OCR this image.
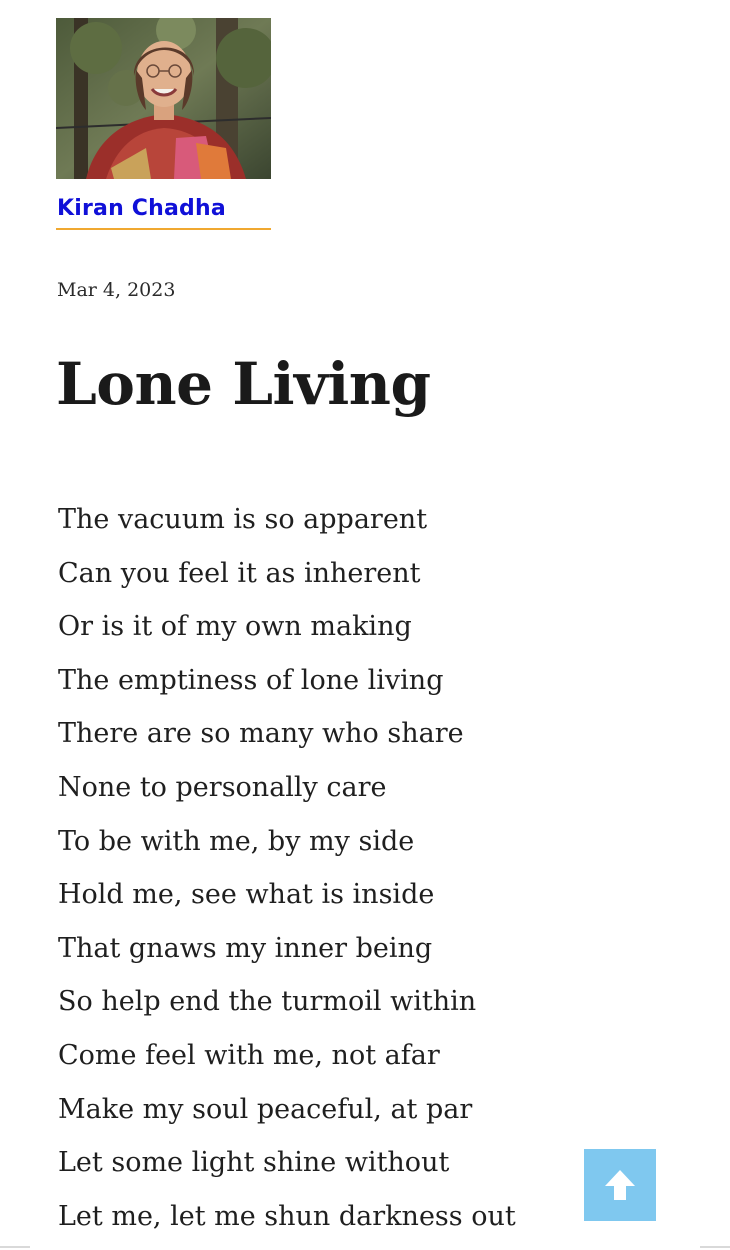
Kiran Chadha
Mar 4, 2023
Lone Living
The vacuum is so apparent
Can you feel it as inherent
Or is it of my own making
The emptiness of lone living
There are so many who share
None to personally care
To be with me, by my side
Hold me, see what is inside
That gnaws my inner being
So help end the turmoil within
Come feel with me, not afar
Make my soul peaceful, at par
Let some light shine without
Let me, let me shun darkness out
